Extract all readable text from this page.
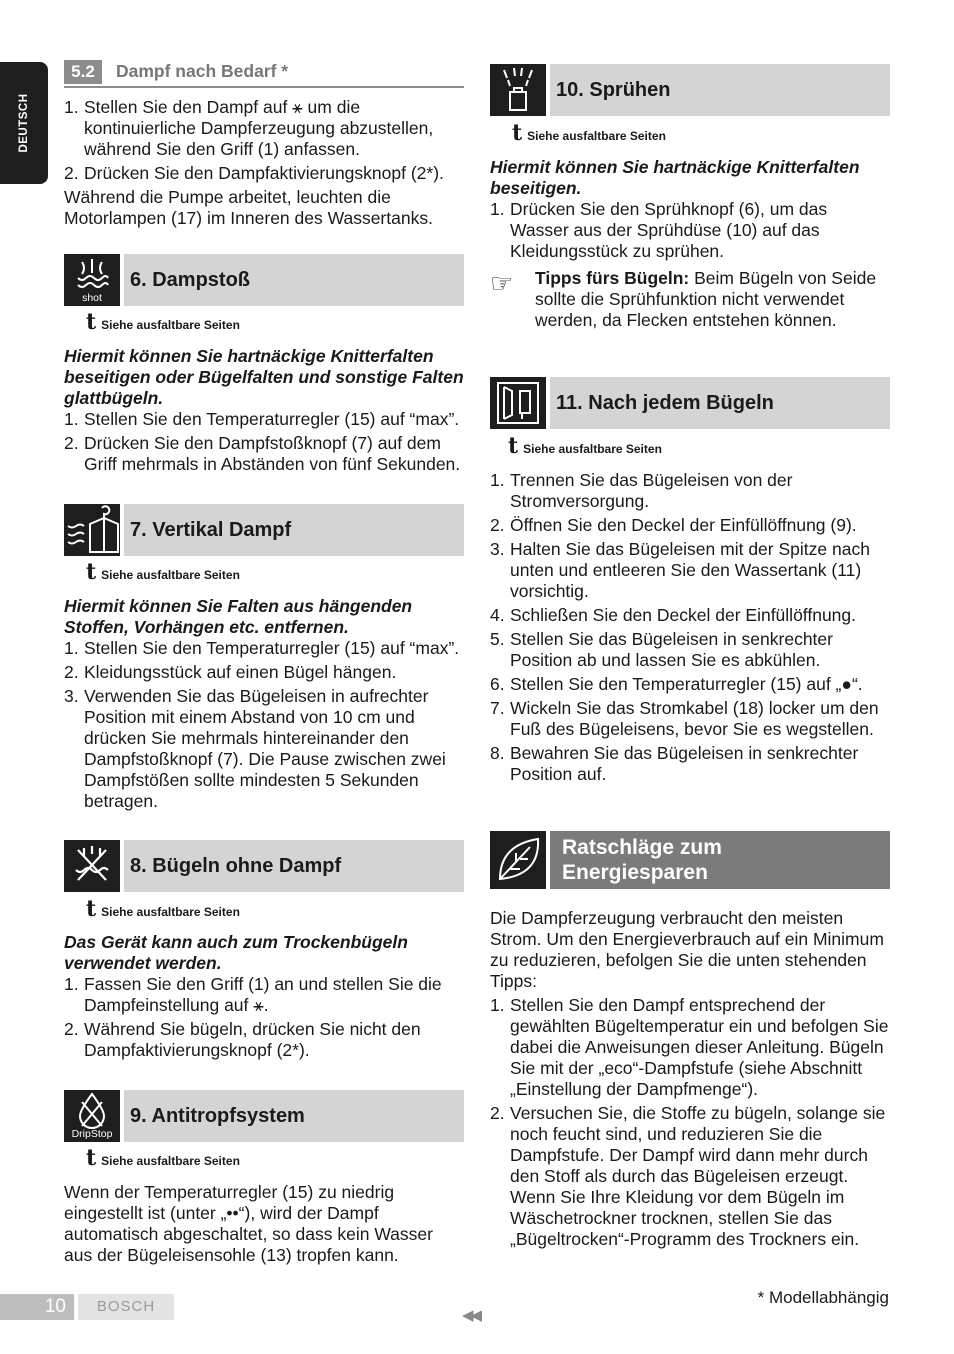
DEUTSCH
5.2	Dampf nach Bedarf *
1. Stellen Sie den Dampf auf ⚹ um die kontinuierliche Dampferzeugung abzustellen, während Sie den Griff (1) anfassen.
2. Drücken Sie den Dampfaktivierungsknopf (2*).

Während die Pumpe arbeitet, leuchten die Motorlampen (17) im Inneren des Wassertanks.

shot
6. Dampstoß
t Siehe ausfaltbare Seiten

Hiermit können Sie hartnäckige Knitterfalten beseitigen oder Bügelfalten und sonstige Falten glattbügeln.

1. Stellen Sie den Temperaturregler (15) auf “max”.
2. Drücken Sie den Dampfstoßknopf (7) auf dem Griff mehrmals in Abständen von fünf Sekunden.
7. Vertikal Dampf
t Siehe ausfaltbare Seiten

Hiermit können Sie Falten aus hängenden Stoffen, Vorhängen etc. entfernen.

1. Stellen Sie den Temperaturregler (15) auf “max”.
2. Kleidungsstück auf einen Bügel hängen.
3. Verwenden Sie das Bügeleisen in aufrechter Position mit einem Abstand von 10 cm und drücken Sie mehrmals hintereinander den Dampfstoßknopf (7). Die Pause zwischen zwei Dampfstößen sollte mindesten 5 Sekunden betragen.
8. Bügeln ohne Dampf
t Siehe ausfaltbare Seiten

Das Gerät kann auch zum Trockenbügeln verwendet werden.

1. Fassen Sie den Griff (1) an und stellen Sie die Dampfeinstellung auf ⚹.
2. Während Sie bügeln, drücken Sie nicht den Dampfaktivierungsknopf (2*).
DripStop
9. Antitropfsystem
t Siehe ausfaltbare Seiten

Wenn der Temperaturregler (15) zu niedrig eingestellt ist (unter „••“), wird der Dampf automatisch abgeschaltet, so dass kein Wasser aus der Bügeleisensohle (13) tropfen kann.

10. Sprühen
t Siehe ausfaltbare Seiten

Hiermit können Sie hartnäckige Knitterfalten beseitigen.

1. Drücken Sie den Sprühknopf (6), um das Wasser aus der Sprühdüse (10) auf das Kleidungsstück zu sprühen.
☞ Tipps fürs Bügeln: Beim Bügeln von Seide sollte die Sprühfunktion nicht verwendet werden, da Flecken entstehen können.

11. Nach jedem Bügeln
t Siehe ausfaltbare Seiten
1. Trennen Sie das Bügeleisen von der Stromversorgung.
2. Öffnen Sie den Deckel der Einfüllöffnung (9).
3. Halten Sie das Bügeleisen mit der Spitze nach unten und entleeren Sie den Wassertank (11) vorsichtig.
4. Schließen Sie den Deckel der Einfüllöffnung.
5. Stellen Sie das Bügeleisen in senkrechter Position ab und lassen Sie es abkühlen.
6. Stellen Sie den Temperaturregler (15) auf „●“.
7. Wickeln Sie das Stromkabel (18) locker um den Fuß des Bügeleisens, bevor Sie es wegstellen.
8. Bewahren Sie das Bügeleisen in senkrechter Position auf.
Ratschläge zum
Energiesparen

Die Dampferzeugung verbraucht den meisten Strom. Um den Energieverbrauch auf ein Minimum zu reduzieren, befolgen Sie die unten stehenden Tipps:

1. Stellen Sie den Dampf entsprechend der gewählten Bügeltemperatur ein und befolgen Sie dabei die Anweisungen dieser Anleitung. Bügeln Sie mit der „eco“-Dampfstufe (siehe Abschnitt „Einstellung der Dampfmenge“).
2. Versuchen Sie, die Stoffe zu bügeln, solange sie noch feucht sind, und reduzieren Sie die Dampfstufe. Der Dampf wird dann mehr durch den Stoff als durch das Bügeleisen erzeugt. Wenn Sie Ihre Kleidung vor dem Bügeln im Wäschetrockner trocknen, stellen Sie das „Bügeltrocken“-Programm des Trockners ein.
10	BOSCH
◀◀
* Modellabhängig
